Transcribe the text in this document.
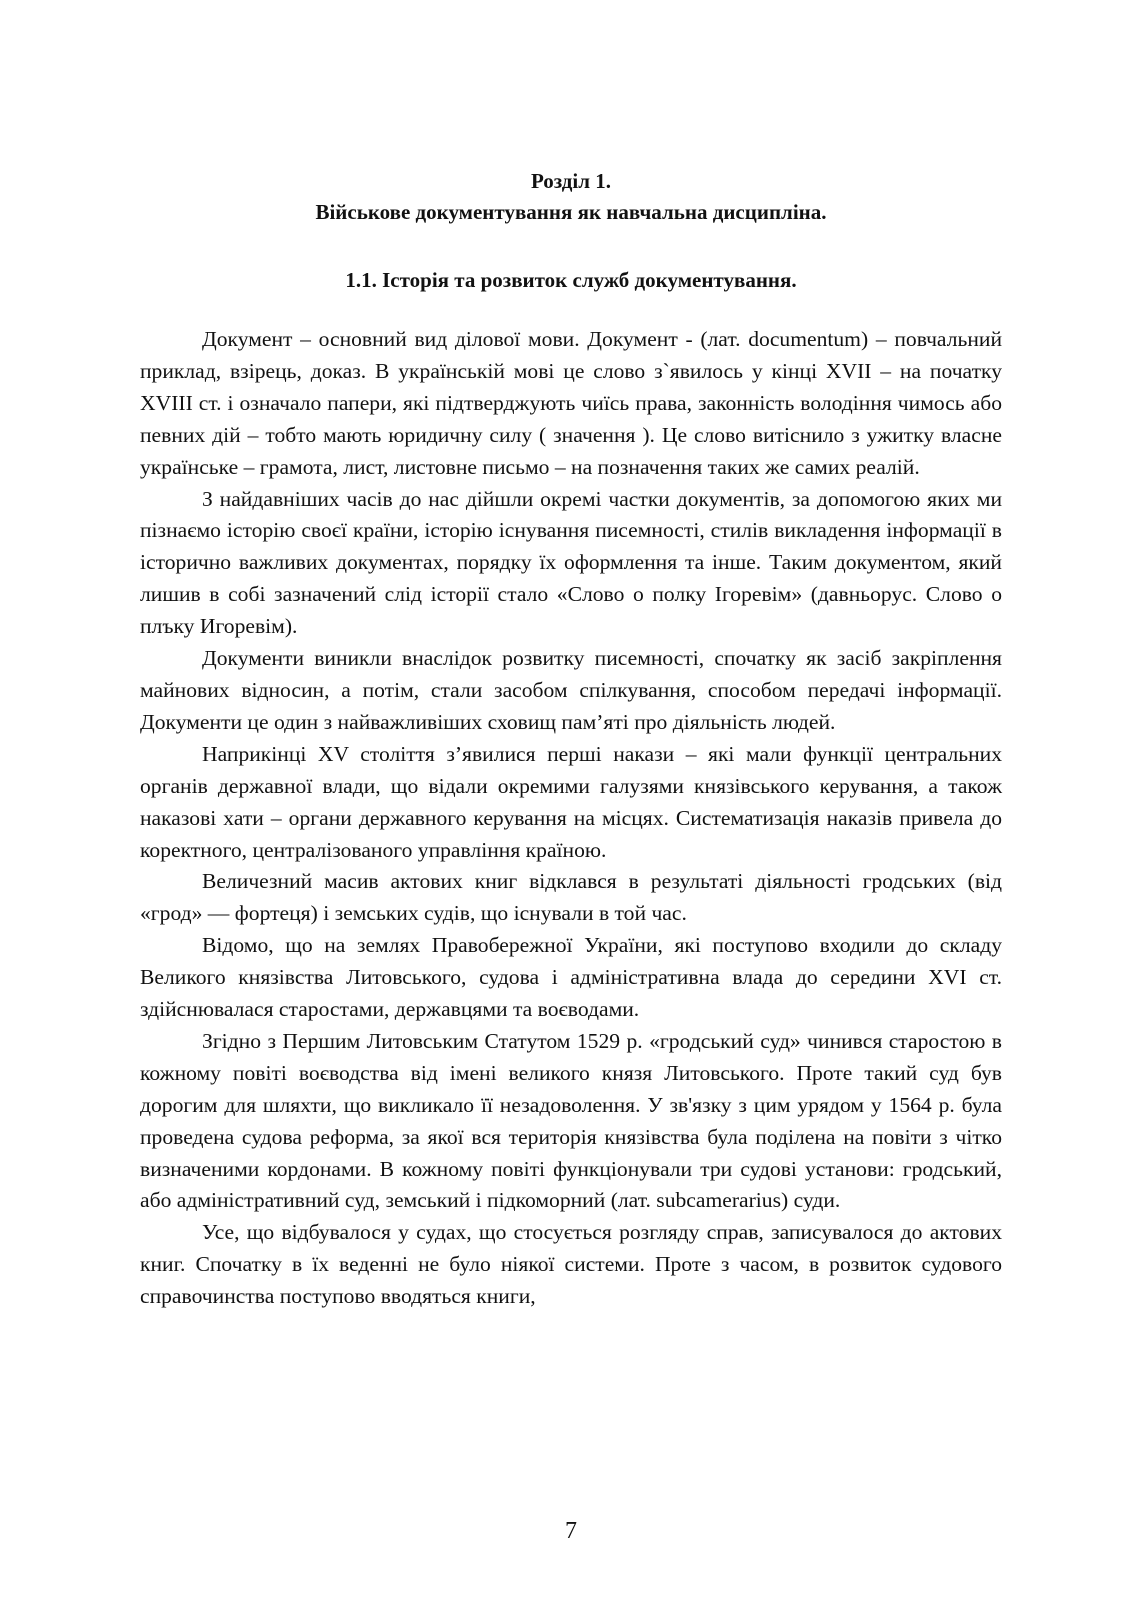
Розділ 1.
Військове документування як навчальна дисципліна.
1.1. Історія та розвиток служб документування.

Документ – основний вид ділової мови. Документ - (лат. documentum) – повчальний приклад, взірець, доказ. В українській мові це слово з`явилось у кінці XVII – на початку XVIII ст. і означало папери, які підтверджують чиїсь права, законність володіння чимось або певних дій – тобто мають юридичну силу ( значення ). Це слово витіснило з ужитку власне українське – грамота, лист, листовне письмо – на позначення таких же самих реалій.

З найдавніших часів до нас дійшли окремі частки документів, за допомогою яких ми пізнаємо історію своєї країни, історію існування писемності, стилів викладення інформації в історично важливих документах, порядку їх оформлення та інше. Таким документом, який лишив в собі зазначений слід історії стало «Слово о полку Ігоревім» (давньорус. Слово о плъку Игоревім).

Документи виникли внаслідок розвитку писемності, спочатку як засіб закріплення майнових відносин, а потім, стали засобом спілкування, способом передачі інформації. Документи це один з найважливіших сховищ пам’яті про діяльність людей.

Наприкінці XV століття з’явилися перші накази – які мали функції центральних органів державної влади, що відали окремими галузями князівського керування, а також наказові хати – органи державного керування на місцях. Систематизація наказів привела до коректного, централізованого управління країною.

Величезний масив актових книг відклався в результаті діяльності гродських (від «грод» — фортеця) і земських судів, що існували в той час.

Відомо, що на землях Правобережної України, які поступово входили до складу Великого князівства Литовського, судова і адміністративна влада до середини XVI ст. здійснювалася старостами, державцями та воєводами.

Згідно з Першим Литовським Статутом 1529 р. «гродський суд» чинився старостою в кожному повіті воєводства від імені великого князя Литовського. Проте такий суд був дорогим для шляхти, що викликало її незадоволення. У зв'язку з цим урядом у 1564 р. була проведена судова реформа, за якої вся територія князівства була поділена на повіти з чітко визначеними кордонами. В кожному повіті функціонували три судові установи: гродський, або адміністративний суд, земський і підкоморний (лат. subcamerarius) суди.

Усе, що відбувалося у судах, що стосується розгляду справ, записувалося до актових книг. Спочатку в їх веденні не було ніякої системи. Проте з часом, в розвиток судового справочинства поступово вводяться книги,

7
